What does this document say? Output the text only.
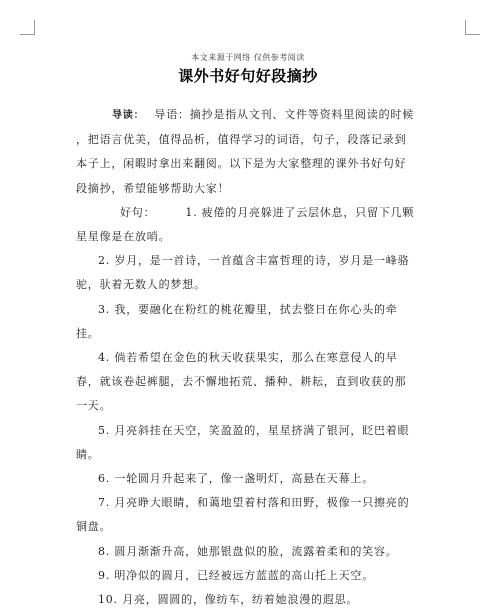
本文来源于网络 仅供参考阅读
课外书好句好段摘抄

导读： 导语：摘抄是指从文刊、文件等资料里阅读的时候 ，把语言优美，值得品析，值得学习的词语，句子，段落记录到本子上，闲暇时拿出来翻阅。以下是为大家整理的课外书好句好段摘抄，希望能够帮助大家！

好句：	1. 疲倦的月亮躲进了云层休息，只留下几颗星星像是在放哨。

2. 岁月，是一首诗，一首蕴含丰富哲理的诗，岁月是一峰骆驼，驮着无数人的梦想。

3. 我，要融化在粉红的桃花瓣里，拭去整日在你心头的牵挂。

4. 倘若希望在金色的秋天收获果实，那么在寒意侵人的早春，就该卷起裤腿，去不懈地拓荒、播种、耕耘，直到收获的那一天。

5. 月亮斜挂在天空，笑盈盈的，星星挤满了银河，眨巴着眼睛。

6. 一轮圆月升起来了，像一盏明灯，高悬在天幕上。

7. 月亮睁大眼睛，和蔼地望着村落和田野，极像一只擦亮的铜盘。

8. 圆月渐渐升高，她那银盘似的脸，流露着柔和的笑容。

9. 明净似的圆月，已经被远方蓝蓝的高山托上天空。

10. 月亮，圆圆的，像纺车，纺着她浪漫的遐思。
